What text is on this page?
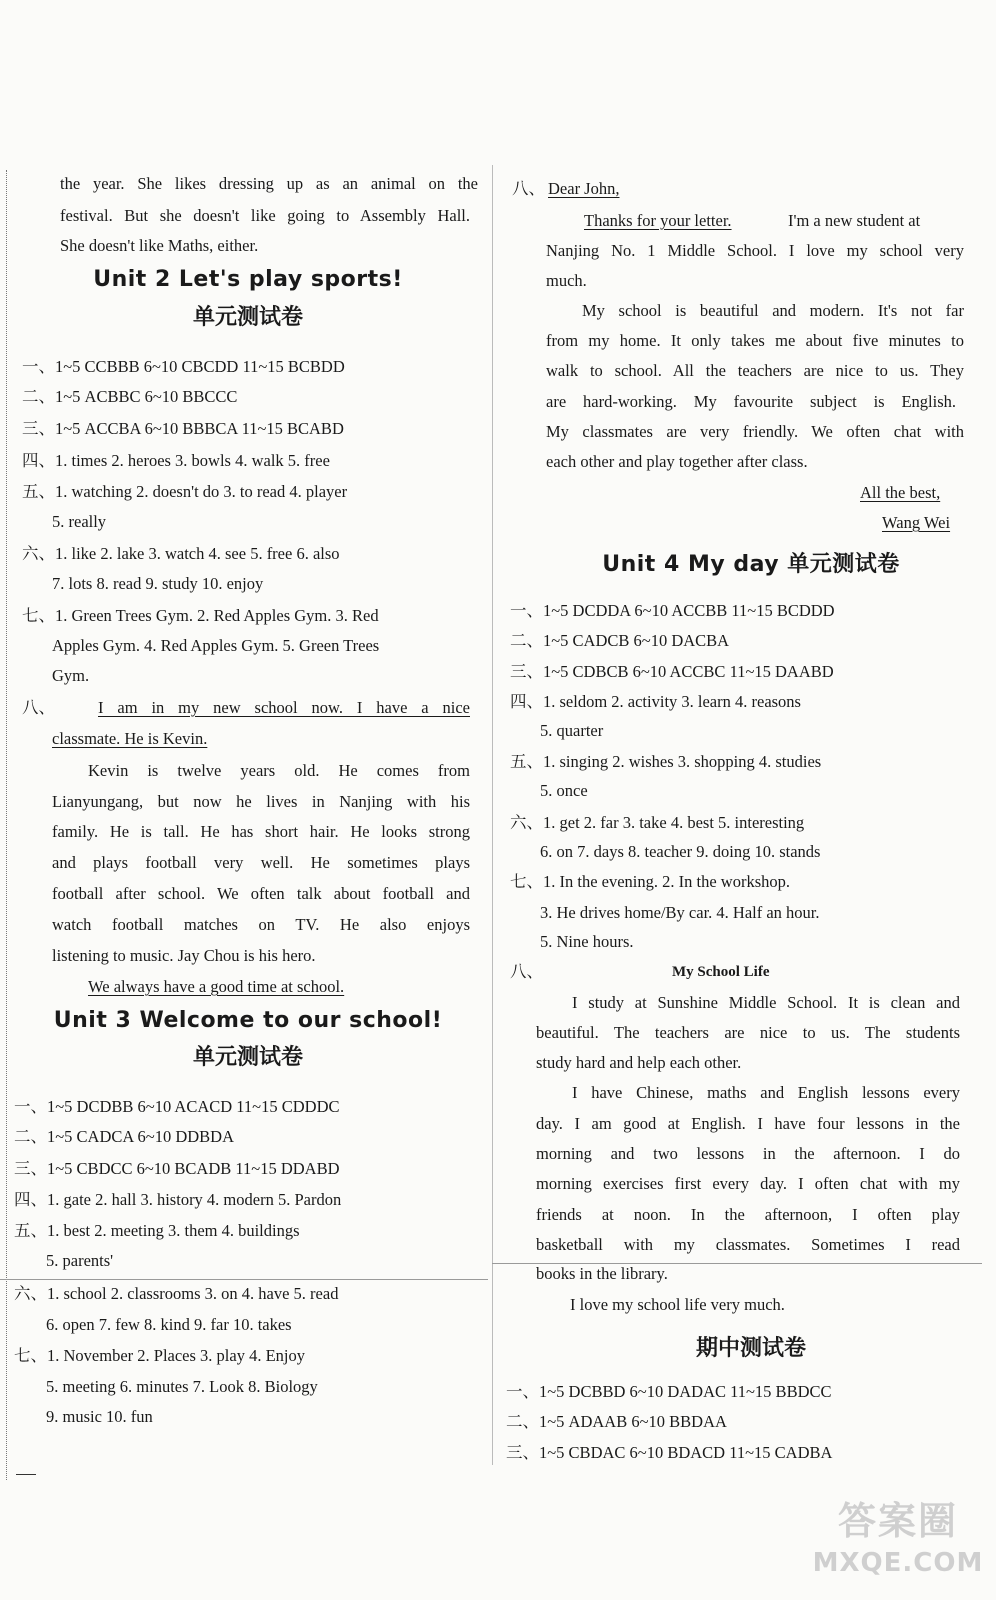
the year. She likes dressing up as an animal on the
festival. But she doesn't like going to Assembly Hall.
She doesn't like Maths, either.
Unit 2 Let's play sports!
单元测试卷
一、1~5 CCBBB 6~10 CBCDD 11~15 BCBDD
二、1~5 ACBBC 6~10 BBCCC
三、1~5 ACCBA 6~10 BBBCA 11~15 BCABD
四、1. times 2. heroes 3. bowls 4. walk 5. free
五、1. watching 2. doesn't do 3. to read 4. player
5. really
六、1. like 2. lake 3. watch 4. see 5. free 6. also
7. lots 8. read 9. study 10. enjoy
七、1. Green Trees Gym. 2. Red Apples Gym. 3. Red
Apples Gym. 4. Red Apples Gym. 5. Green Trees
Gym.
八、	I am in my new school now. I have a nice
classmate. He is Kevin.
Kevin is twelve years old. He comes from
Lianyungang, but now he lives in Nanjing with his
family. He is tall. He has short hair. He looks strong
and plays football very well. He sometimes plays
football after school. We often talk about football and
watch football matches on TV. He also enjoys
listening to music. Jay Chou is his hero.
We always have a good time at school.
Unit 3 Welcome to our school!
单元测试卷
一、1~5 DCDBB 6~10 ACACD 11~15 CDDDC
二、1~5 CADCA 6~10 DDBDA
三、1~5 CBDCC 6~10 BCADB 11~15 DDABD
四、1. gate 2. hall 3. history 4. modern 5. Pardon
五、1. best 2. meeting 3. them 4. buildings
5. parents'
六、1. school 2. classrooms 3. on 4. have 5. read
6. open 7. few 8. kind 9. far 10. takes
七、1. November 2. Places 3. play 4. Enjoy
5. meeting 6. minutes 7. Look 8. Biology
9. music 10. fun
八、 Dear John,
Thanks for your letter.	I'm a new student at
Nanjing No. 1 Middle School. I love my school very
much.
My school is beautiful and modern. It's not far
from my home. It only takes me about five minutes to
walk to school. All the teachers are nice to us. They
are hard-working. My favourite subject is English.
My classmates are very friendly. We often chat with
each other and play together after class.
All the best,
Wang Wei
Unit 4 My day 单元测试卷
一、1~5 DCDDA 6~10 ACCBB 11~15 BCDDD
二、1~5 CADCB 6~10 DACBA
三、1~5 CDBCB 6~10 ACCBC 11~15 DAABD
四、1. seldom 2. activity 3. learn 4. reasons
5. quarter
五、1. singing 2. wishes 3. shopping 4. studies
5. once
六、1. get 2. far 3. take 4. best 5. interesting
6. on 7. days 8. teacher 9. doing 10. stands
七、1. In the evening. 2. In the workshop.
3. He drives home/By car. 4. Half an hour.
5. Nine hours.
八、	My School Life
I study at Sunshine Middle School. It is clean and
beautiful. The teachers are nice to us. The students
study hard and help each other.
I have Chinese, maths and English lessons every
day. I am good at English. I have four lessons in the
morning and two lessons in the afternoon. I do
morning exercises first every day. I often chat with my
friends at noon. In the afternoon, I often play
basketball with my classmates. Sometimes I read
books in the library.
I love my school life very much.
期中测试卷
一、1~5 DCBBD 6~10 DADAC 11~15 BBDCC
二、1~5 ADAAB 6~10 BBDAA
三、1~5 CBDAC 6~10 BDACD 11~15 CADBA
答案圈
MXQE.COM
